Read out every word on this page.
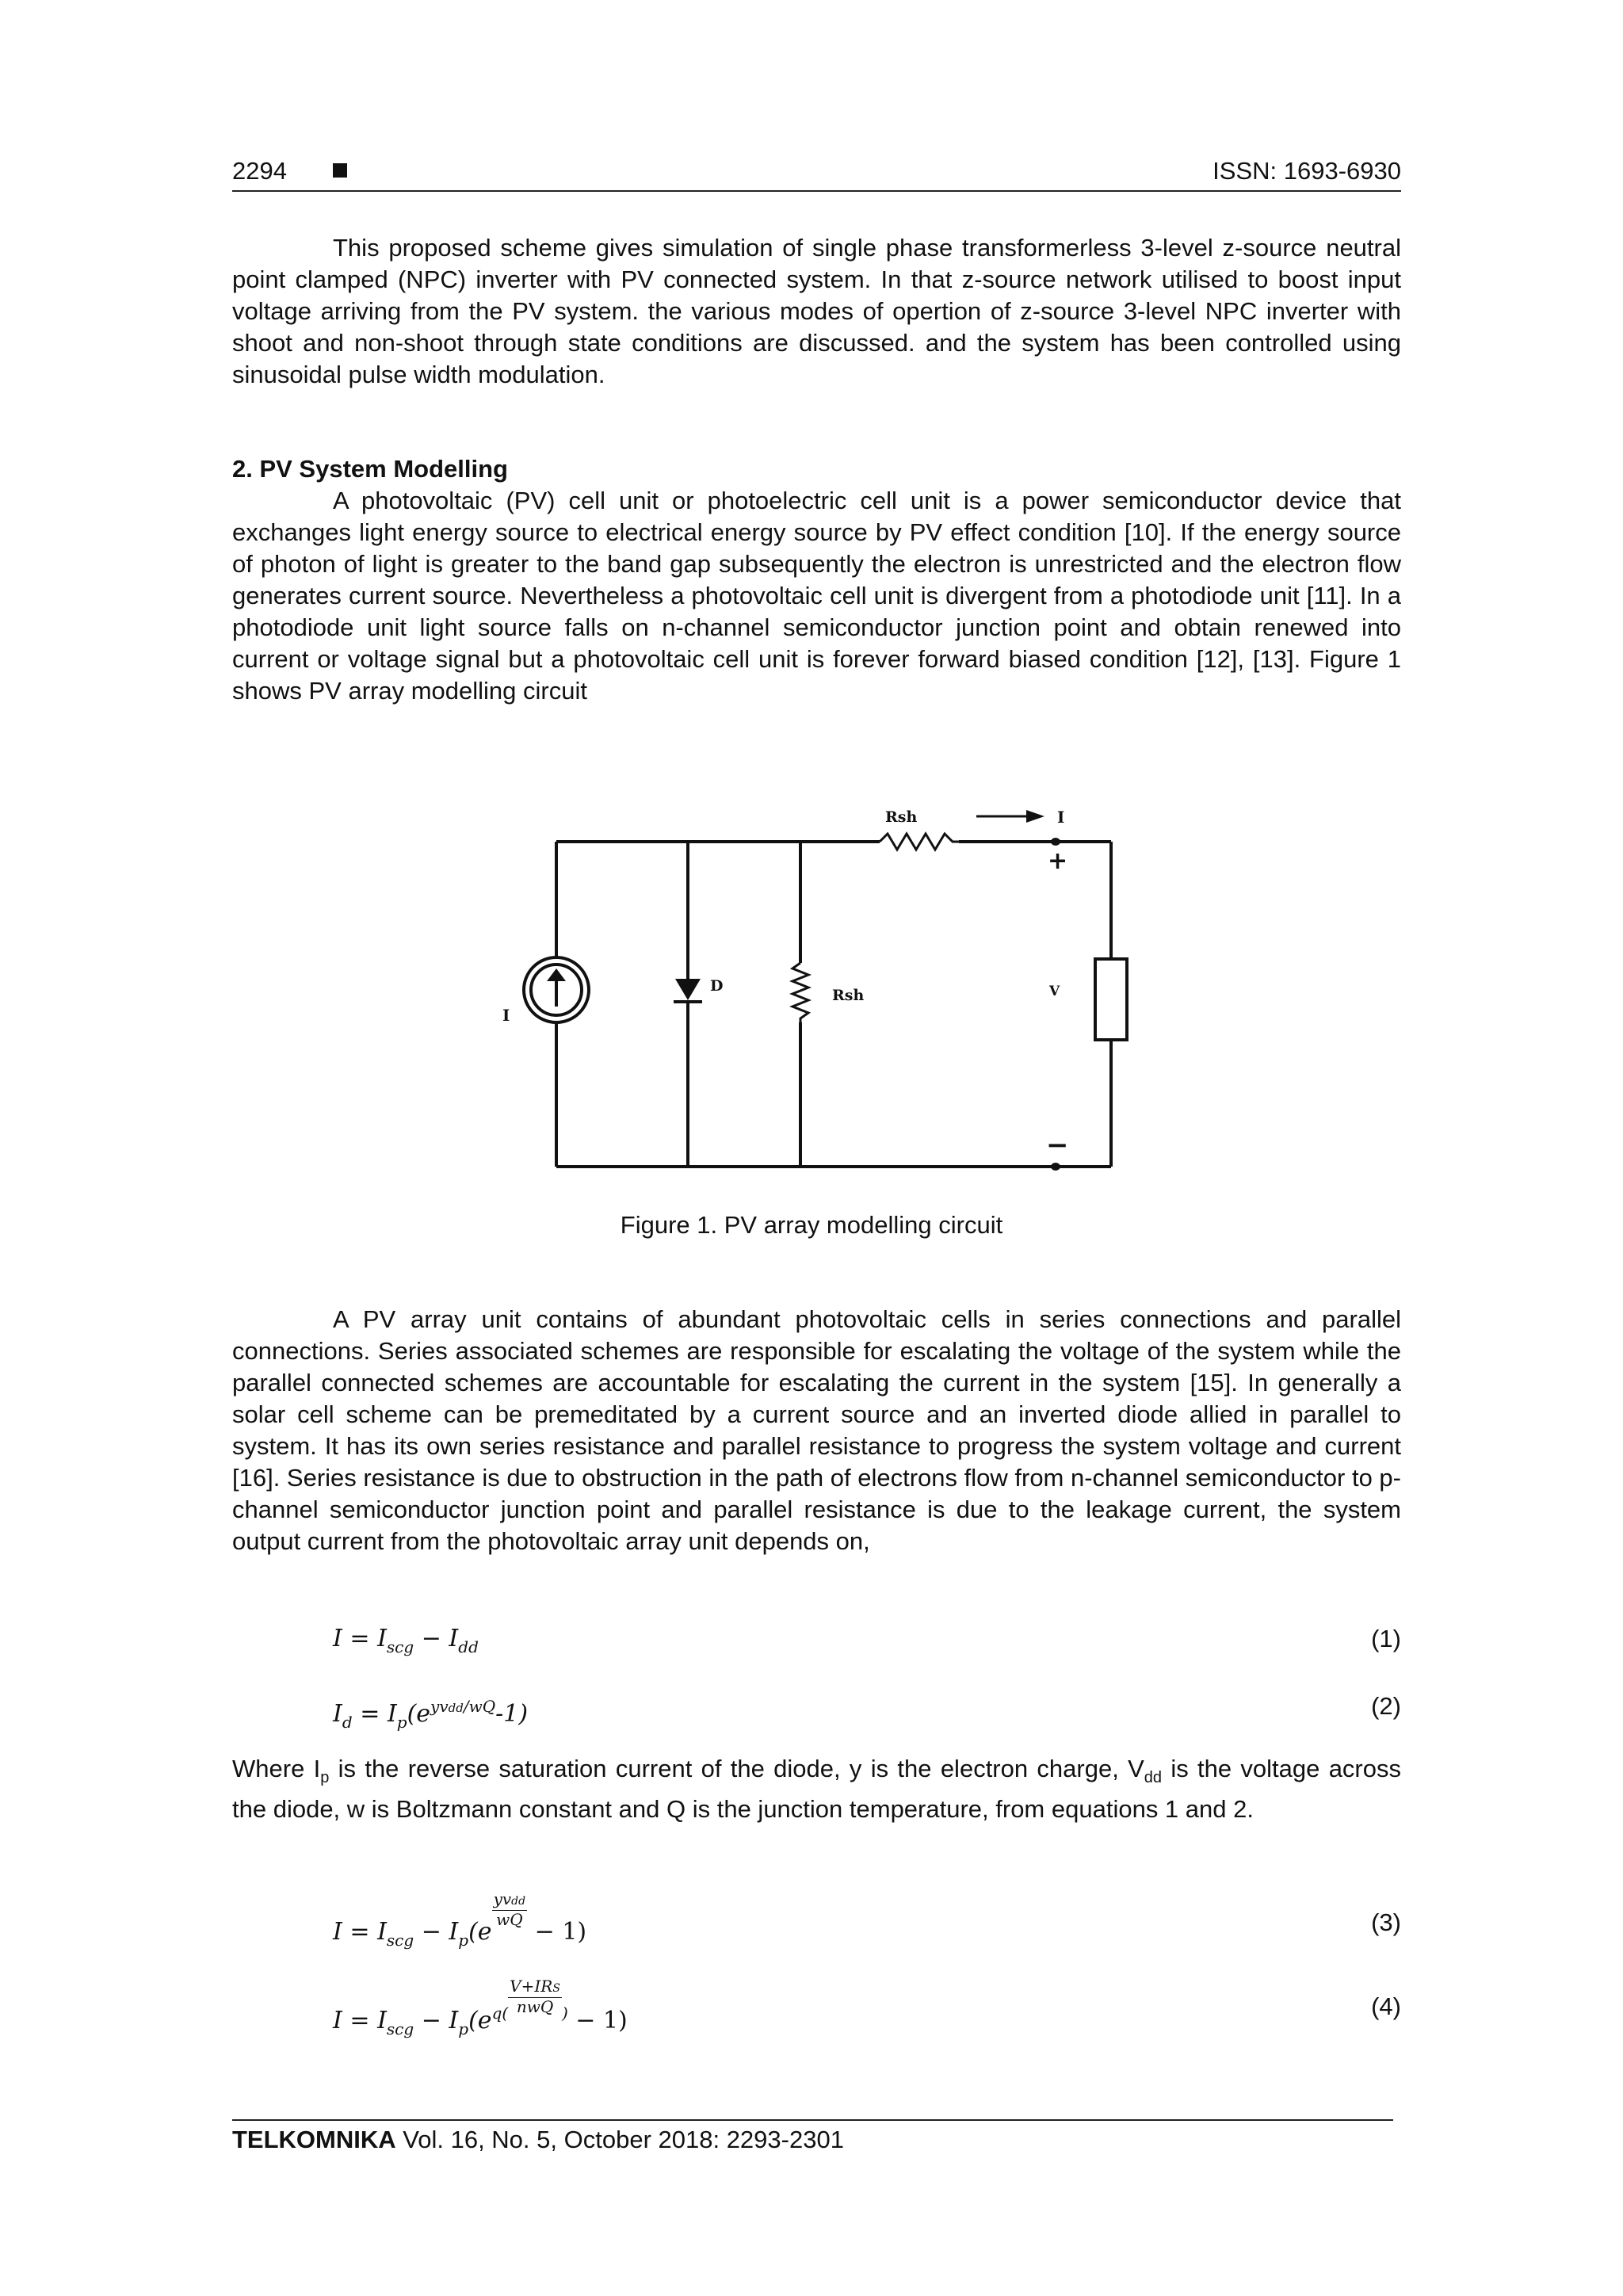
2294	ISSN: 1693-6930

This proposed scheme gives simulation of single phase transformerless 3-level z-source neutral point clamped (NPC) inverter with PV connected system. In that z-source network utilised to boost input voltage arriving from the PV system. the various modes of opertion of z-source 3-level NPC inverter with shoot and non-shoot through state conditions are discussed. and the system has been controlled using sinusoidal pulse width modulation.

2. PV System Modelling

A photovoltaic (PV) cell unit or photoelectric cell unit is a power semiconductor device that exchanges light energy source to electrical energy source by PV effect condition [10]. If the energy source of photon of light is greater to the band gap subsequently the electron is unrestricted and the electron flow generates current source. Nevertheless a photovoltaic cell unit is divergent from a photodiode unit [11]. In a photodiode unit light source falls on n-channel semiconductor junction point and obtain renewed into current or voltage signal but a photovoltaic cell unit is forever forward biased condition [12], [13]. Figure 1 shows PV array modelling circuit

Rsh	I
+
I
D
Rsh	V
−
Figure 1. PV array modelling circuit

A PV array unit contains of abundant photovoltaic cells in series connections and parallel connections. Series associated schemes are responsible for escalating the voltage of the system while the parallel connected schemes are accountable for escalating the current in the system [15]. In generally a solar cell scheme can be premeditated by a current source and an inverted diode allied in parallel to system. It has its own series resistance and parallel resistance to progress the system voltage and current [16]. Series resistance is due to obstruction in the path of electrons flow from n-channel semiconductor to p-channel semiconductor junction point and parallel resistance is due to the leakage current, the system output current from the photovoltaic array unit depends on,

$I = I_{scg} - I_{dd}$	(1)
$I_d = I_p(e^{yvdd/wQ}-1)$	(2)

Where $I_p$ is the reverse saturation current of the diode, y is the electron charge, $V_{dd}$ is the voltage across the diode, w is Boltzmann constant and Q is the junction temperature, from equations 1 and 2.

$I = I_{scg} - I_p(e$
$\frac{\text{yvdd}}{wQ}$
− 1)	(3)
$I = I_{scg} - I_p(e^{q(} \frac{\text{V+IRS}}{\text{nwQ}} ^) - 1)$
(4)
TELKOMNIKA Vol. 16, No. 5, October 2018: 2293-2301
